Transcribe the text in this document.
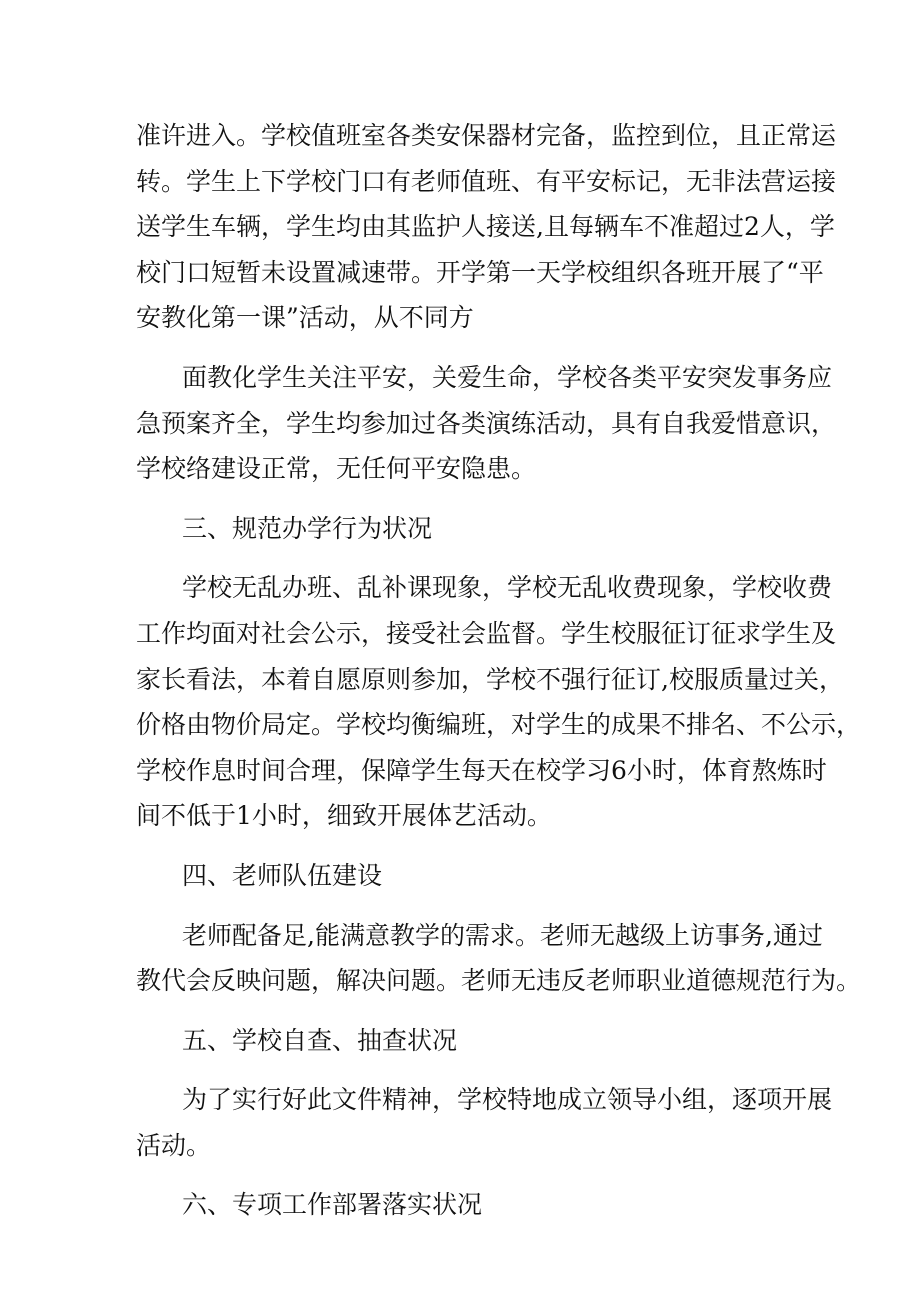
准许进入。学校值班室各类安保器材完备，监控到位，且正常运
转。学生上下学校门口有老师值班、有平安标记，无非法营运接
送学生车辆，学生均由其监护人接送,且每辆车不准超过2人，学
校门口短暂未设置减速带。开学第一天学校组织各班开展了“平
安教化第一课”活动，从不同方
面教化学生关注平安，关爱生命，学校各类平安突发事务应
急预案齐全，学生均参加过各类演练活动，具有自我爱惜意识，
学校络建设正常，无任何平安隐患。
三、规范办学行为状况
学校无乱办班、乱补课现象，学校无乱收费现象，学校收费
工作均面对社会公示，接受社会监督。学生校服征订征求学生及
家长看法，本着自愿原则参加，学校不强行征订,校服质量过关，
价格由物价局定。学校均衡编班，对学生的成果不排名、不公示，
学校作息时间合理，保障学生每天在校学习6小时，体育熬炼时
间不低于1小时，细致开展体艺活动。
四、老师队伍建设
老师配备足,能满意教学的需求。老师无越级上访事务,通过
教代会反映问题，解决问题。老师无违反老师职业道德规范行为。
五、学校自查、抽查状况
为了实行好此文件精神，学校特地成立领导小组，逐项开展
活动。
六、专项工作部署落实状况
